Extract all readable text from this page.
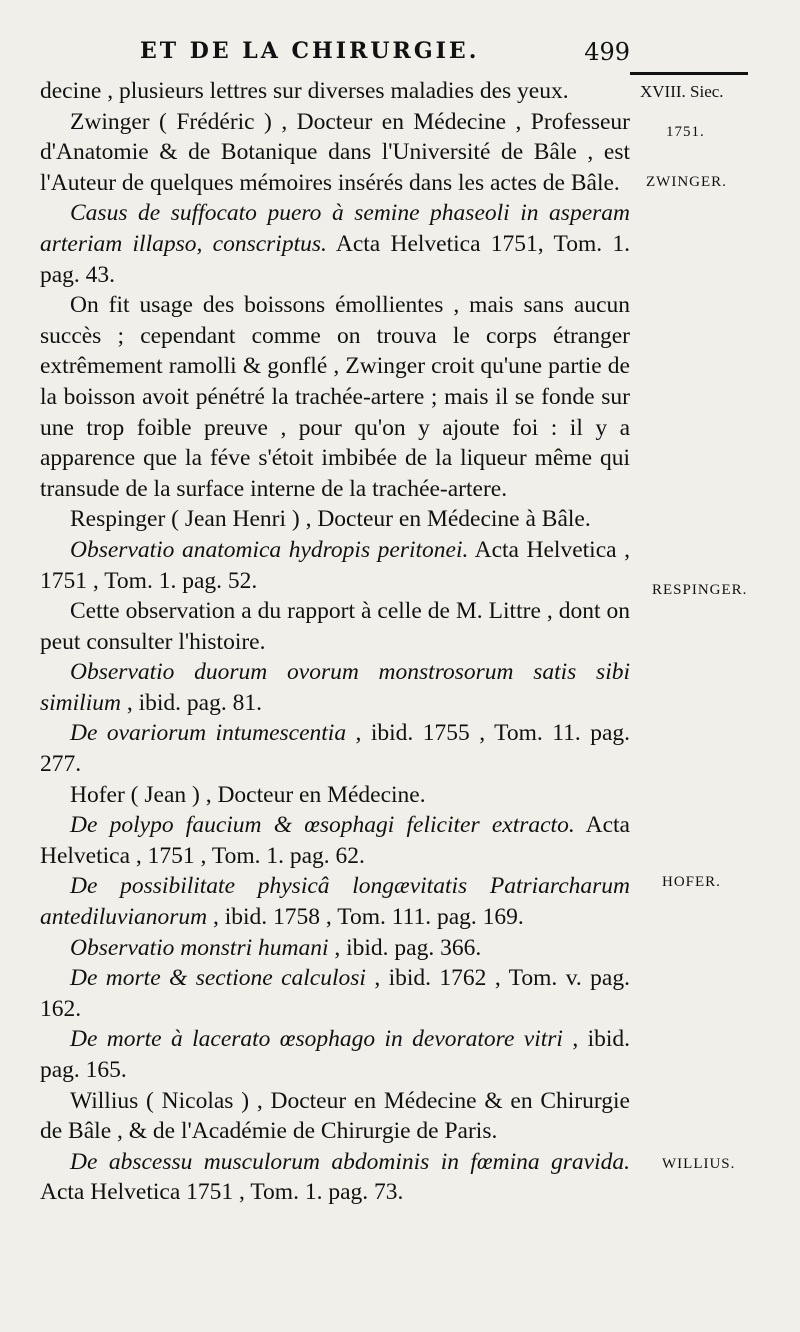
ET DE LA CHIRURGIE.	499
XVIII. Siec.
1751.
ZWINGER.
RESPINGER.
HOFER.
WILLIUS.

decine , plusieurs lettres sur diverses maladies des yeux.

Zwinger ( Frédéric ) , Docteur en Médecine , Professeur d'Anatomie & de Botanique dans l'Université de Bâle , est l'Auteur de quelques mémoires insérés dans les actes de Bâle.

Casus de suffocato puero à semine phaseoli in asperam arteriam illapso, conscriptus. Acta Helvetica 1751, Tom. 1. pag. 43.

On fit usage des boissons émollientes , mais sans aucun succès ; cependant comme on trouva le corps étranger extrêmement ramolli & gonflé , Zwinger croit qu'une partie de la boisson avoit pénétré la trachée-artere ; mais il se fonde sur une trop foible preuve , pour qu'on y ajoute foi : il y a apparence que la féve s'étoit imbibée de la liqueur même qui transude de la surface interne de la trachée-artere.

Respinger ( Jean Henri ) , Docteur en Médecine à Bâle.

Observatio anatomica hydropis peritonei. Acta Helvetica , 1751 , Tom. 1. pag. 52.

Cette observation a du rapport à celle de M. Littre , dont on peut consulter l'histoire.

Observatio duorum ovorum monstrosorum satis sibi similium , ibid. pag. 81.

De ovariorum intumescentia , ibid. 1755 , Tom. 11. pag. 277.

Hofer ( Jean ) , Docteur en Médecine.

De polypo faucium & œsophagi feliciter extracto. Acta Helvetica , 1751 , Tom. 1. pag. 62.

De possibilitate physicâ longævitatis Patriarcharum antediluvianorum , ibid. 1758 , Tom. 111. pag. 169.

Observatio monstri humani , ibid. pag. 366.

De morte & sectione calculosi , ibid. 1762 , Tom. v. pag. 162.

De morte à lacerato œsophago in devoratore vitri , ibid. pag. 165.

Willius ( Nicolas ) , Docteur en Médecine & en Chirurgie de Bâle , & de l'Académie de Chirurgie de Paris.

De abscessu musculorum abdominis in fœmina gravida. Acta Helvetica 1751 , Tom. 1. pag. 73.
